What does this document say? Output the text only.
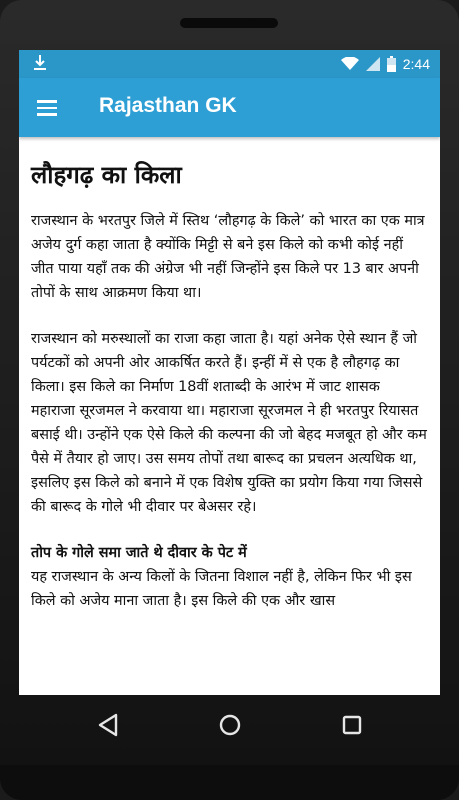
2:44
Rajasthan GK
लौहगढ़ का किला

राजस्थान के भरतपुर जिले में स्तिथ ‘लौहगढ़ के किले’ को भारत का एक मात्र अजेय दुर्ग कहा जाता है क्योंकि मिट्टी से बने इस किले को कभी कोई नहीं जीत पाया यहाँ तक की अंग्रेज भी नहीं जिन्होंने इस किले पर 13 बार अपनी तोपों के साथ आक्रमण किया था।

राजस्थान को मरुस्थालों का राजा कहा जाता है। यहां अनेक ऐसे स्थान हैं जो पर्यटकों को अपनी ओर आकर्षित करते हैं। इन्हीं में से एक है लौहगढ़ का किला। इस किले का निर्माण 18वीं शताब्दी के आरंभ में जाट शासक महाराजा सूरजमल ने करवाया था। महाराजा सूरजमल ने ही भरतपुर रियासत बसाई थी। उन्होंने एक ऐसे किले की कल्पना की जो बेहद मजबूत हो और कम पैसे में तैयार हो जाए। उस समय तोपों तथा बारूद का प्रचलन अत्यधिक था, इसलिए इस किले को बनाने में एक विशेष युक्ति का प्रयोग किया गया जिससे की बारूद के गोले भी दीवार पर बेअसर रहे।

तोप के गोले समा जाते थे दीवार के पेट में

यह राजस्थान के अन्य किलों के जितना विशाल नहीं है, लेकिन फिर भी इस किले को अजेय माना जाता है। इस किले की एक और खास
